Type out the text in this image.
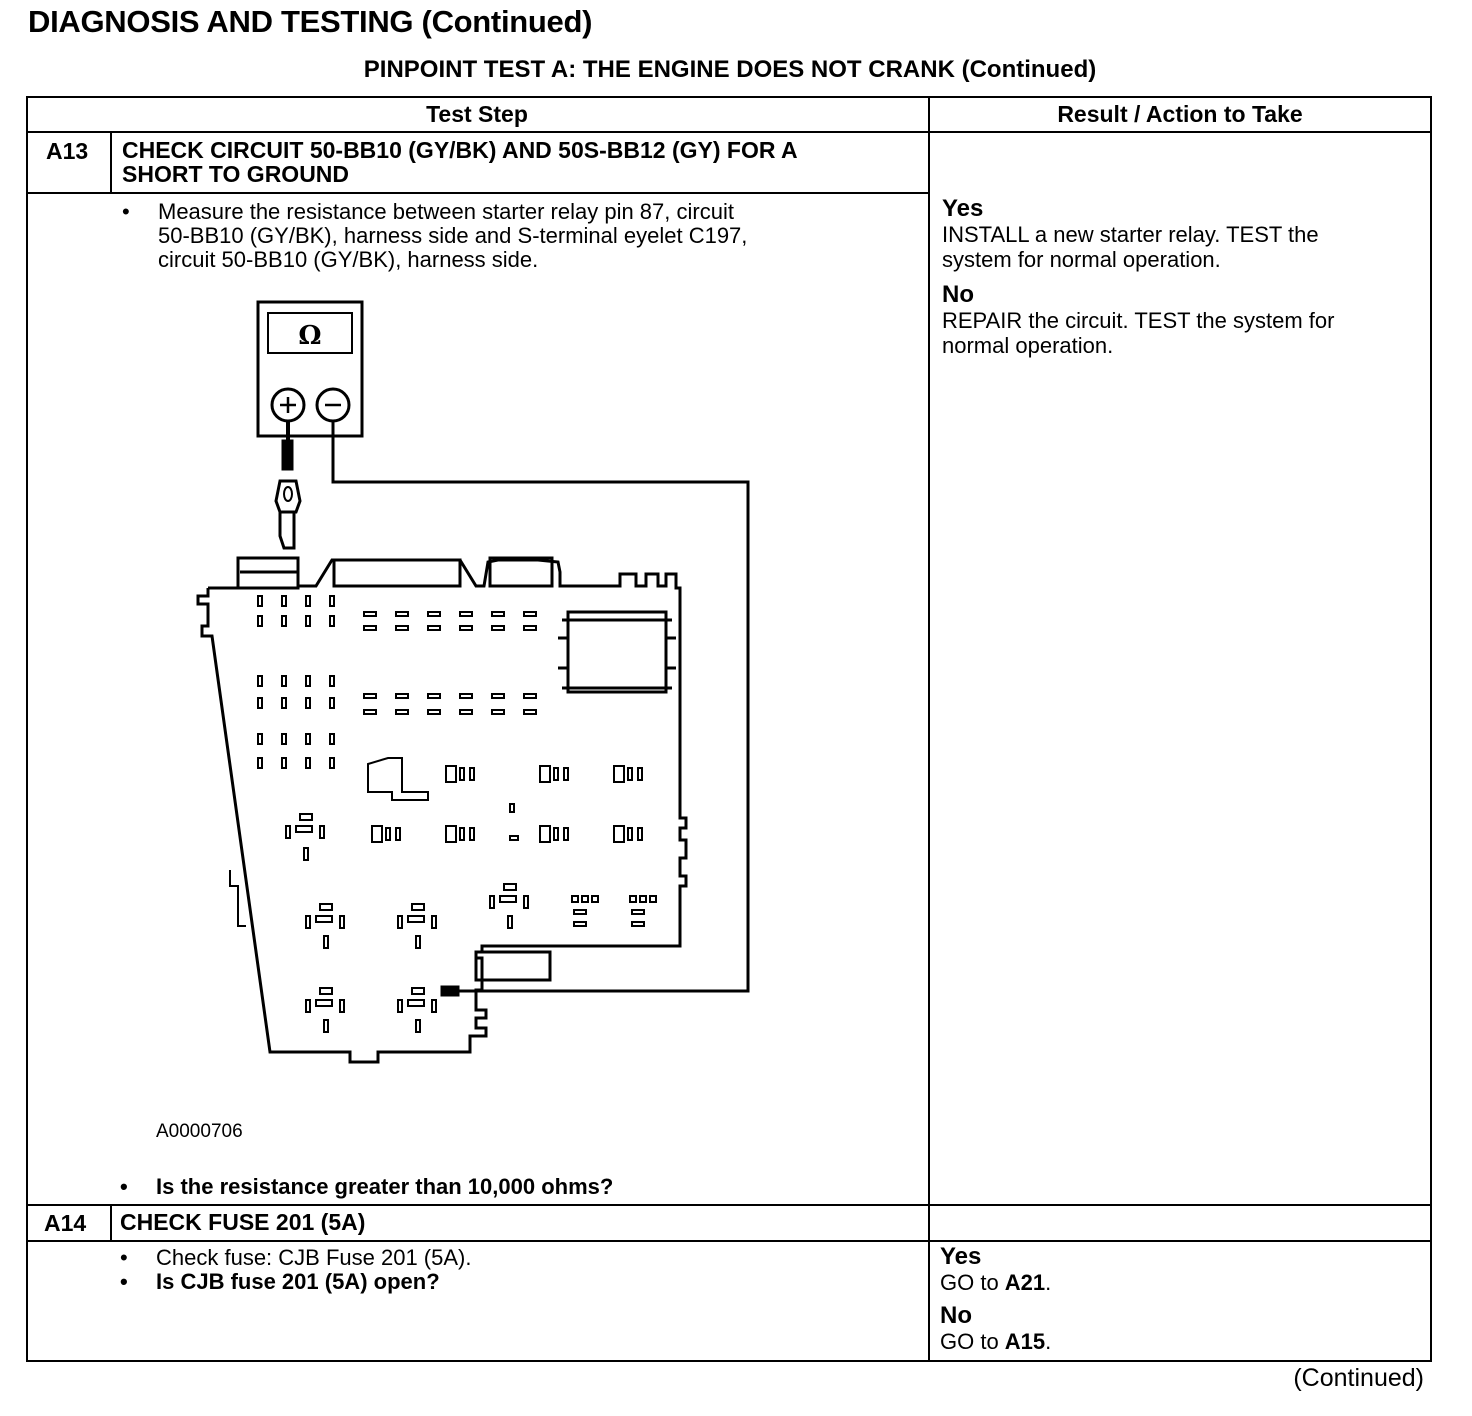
DIAGNOSIS AND TESTING (Continued)
PINPOINT TEST A: THE ENGINE DOES NOT CRANK (Continued)
Test Step	Result / Action to Take
A13 CHECK CIRCUIT 50-BB10 (GY/BK) AND 50S-BB12 (GY) FOR A
SHORT TO GROUND
• Measure the resistance between starter relay pin 87, circuit
50-BB10 (GY/BK), harness side and S-terminal eyelet C197,
circuit 50-BB10 (GY/BK), harness side.
Ω
A0000706
• Is the resistance greater than 10,000 ohms?
Yes
INSTALL a new starter relay. TEST the
system for normal operation.
No
REPAIR the circuit. TEST the system for
normal operation.
A14 CHECK FUSE 201 (5A)
• Check fuse: CJB Fuse 201 (5A).
• Is CJB fuse 201 (5A) open?
Yes
GO to A21.
No
GO to A15.
(Continued)
